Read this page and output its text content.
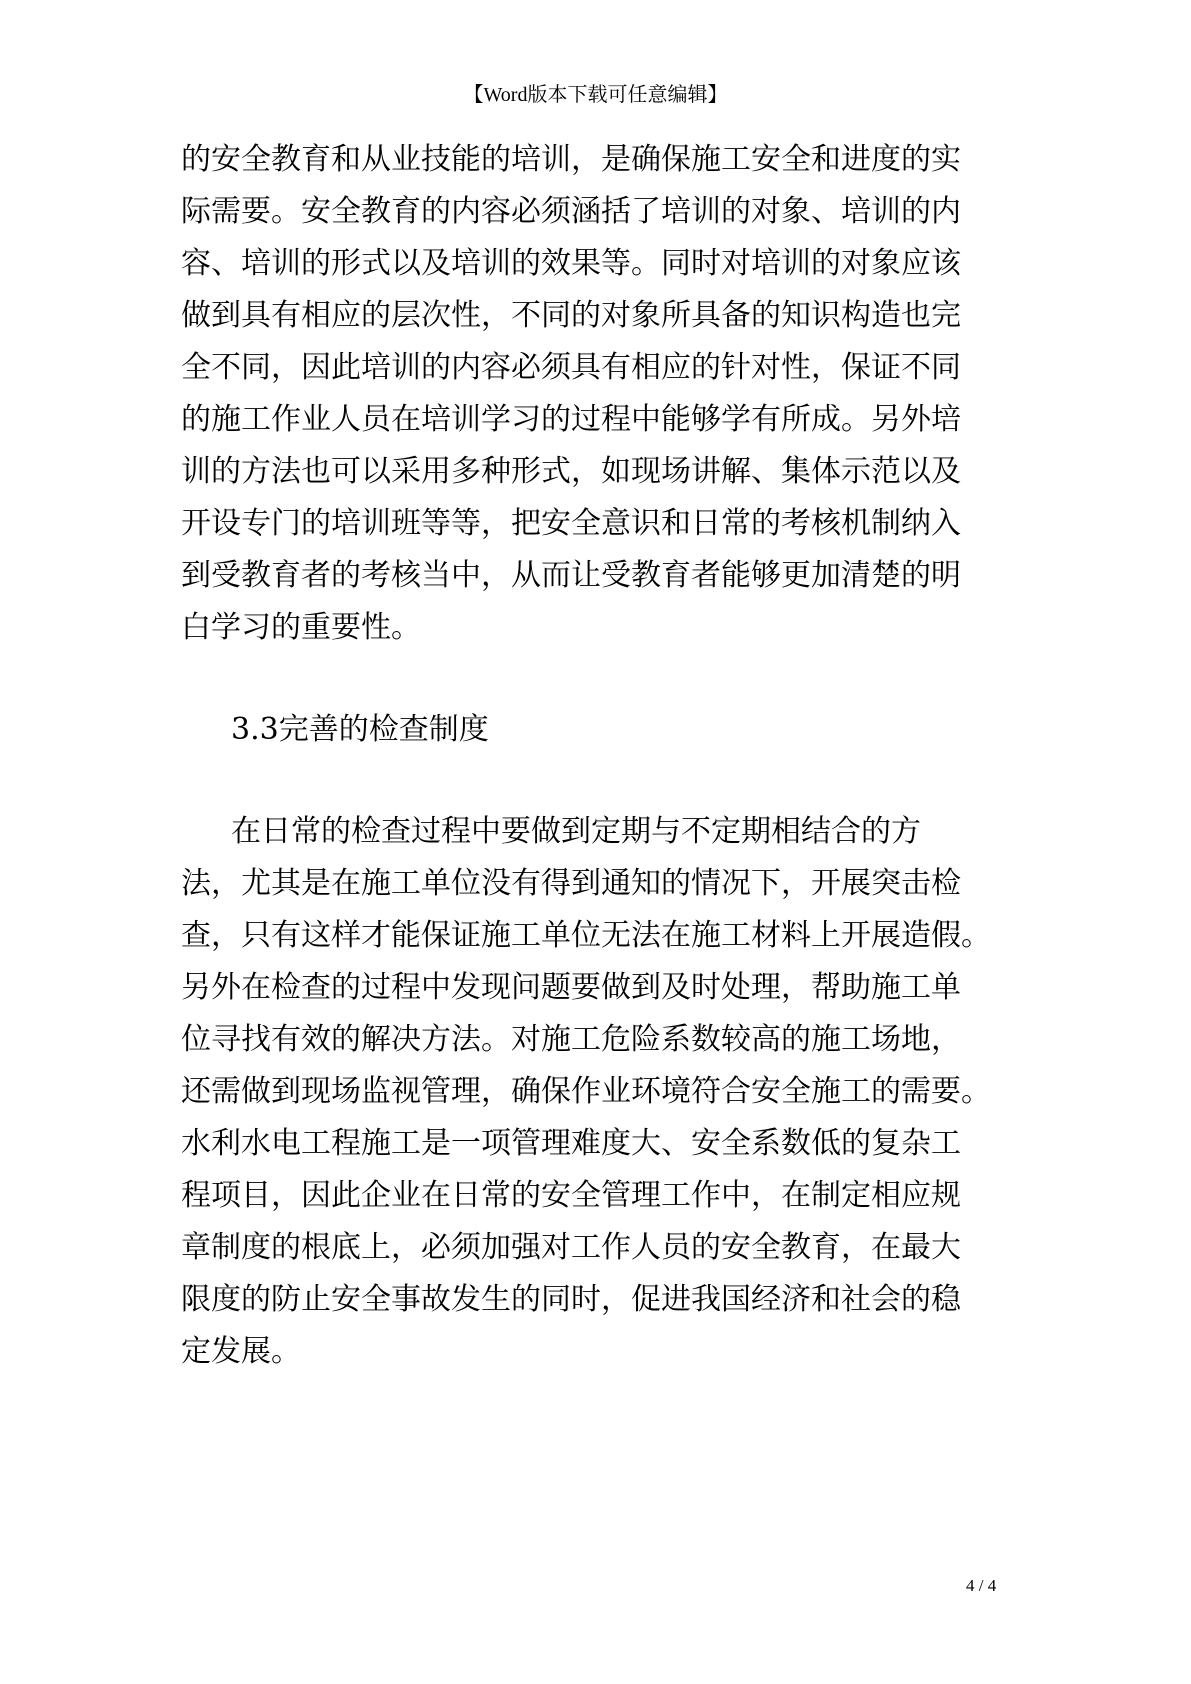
【Word版本下载可任意编辑】
的安全教育和从业技能的培训，是确保施工安全和进度的实
际需要。安全教育的内容必须涵括了培训的对象、培训的内
容、培训的形式以及培训的效果等。同时对培训的对象应该
做到具有相应的层次性，不同的对象所具备的知识构造也完
全不同，因此培训的内容必须具有相应的针对性，保证不同
的施工作业人员在培训学习的过程中能够学有所成。另外培
训的方法也可以采用多种形式，如现场讲解、集体示范以及
开设专门的培训班等等，把安全意识和日常的考核机制纳入
到受教育者的考核当中，从而让受教育者能够更加清楚的明
白学习的重要性。
3.3完善的检查制度
在日常的检查过程中要做到定期与不定期相结合的方
法，尤其是在施工单位没有得到通知的情况下，开展突击检
查，只有这样才能保证施工单位无法在施工材料上开展造假。
另外在检查的过程中发现问题要做到及时处理，帮助施工单
位寻找有效的解决方法。对施工危险系数较高的施工场地，
还需做到现场监视管理，确保作业环境符合安全施工的需要。
水利水电工程施工是一项管理难度大、安全系数低的复杂工
程项目，因此企业在日常的安全管理工作中，在制定相应规
章制度的根底上，必须加强对工作人员的安全教育，在最大
限度的防止安全事故发生的同时，促进我国经济和社会的稳
定发展。
4 / 4
